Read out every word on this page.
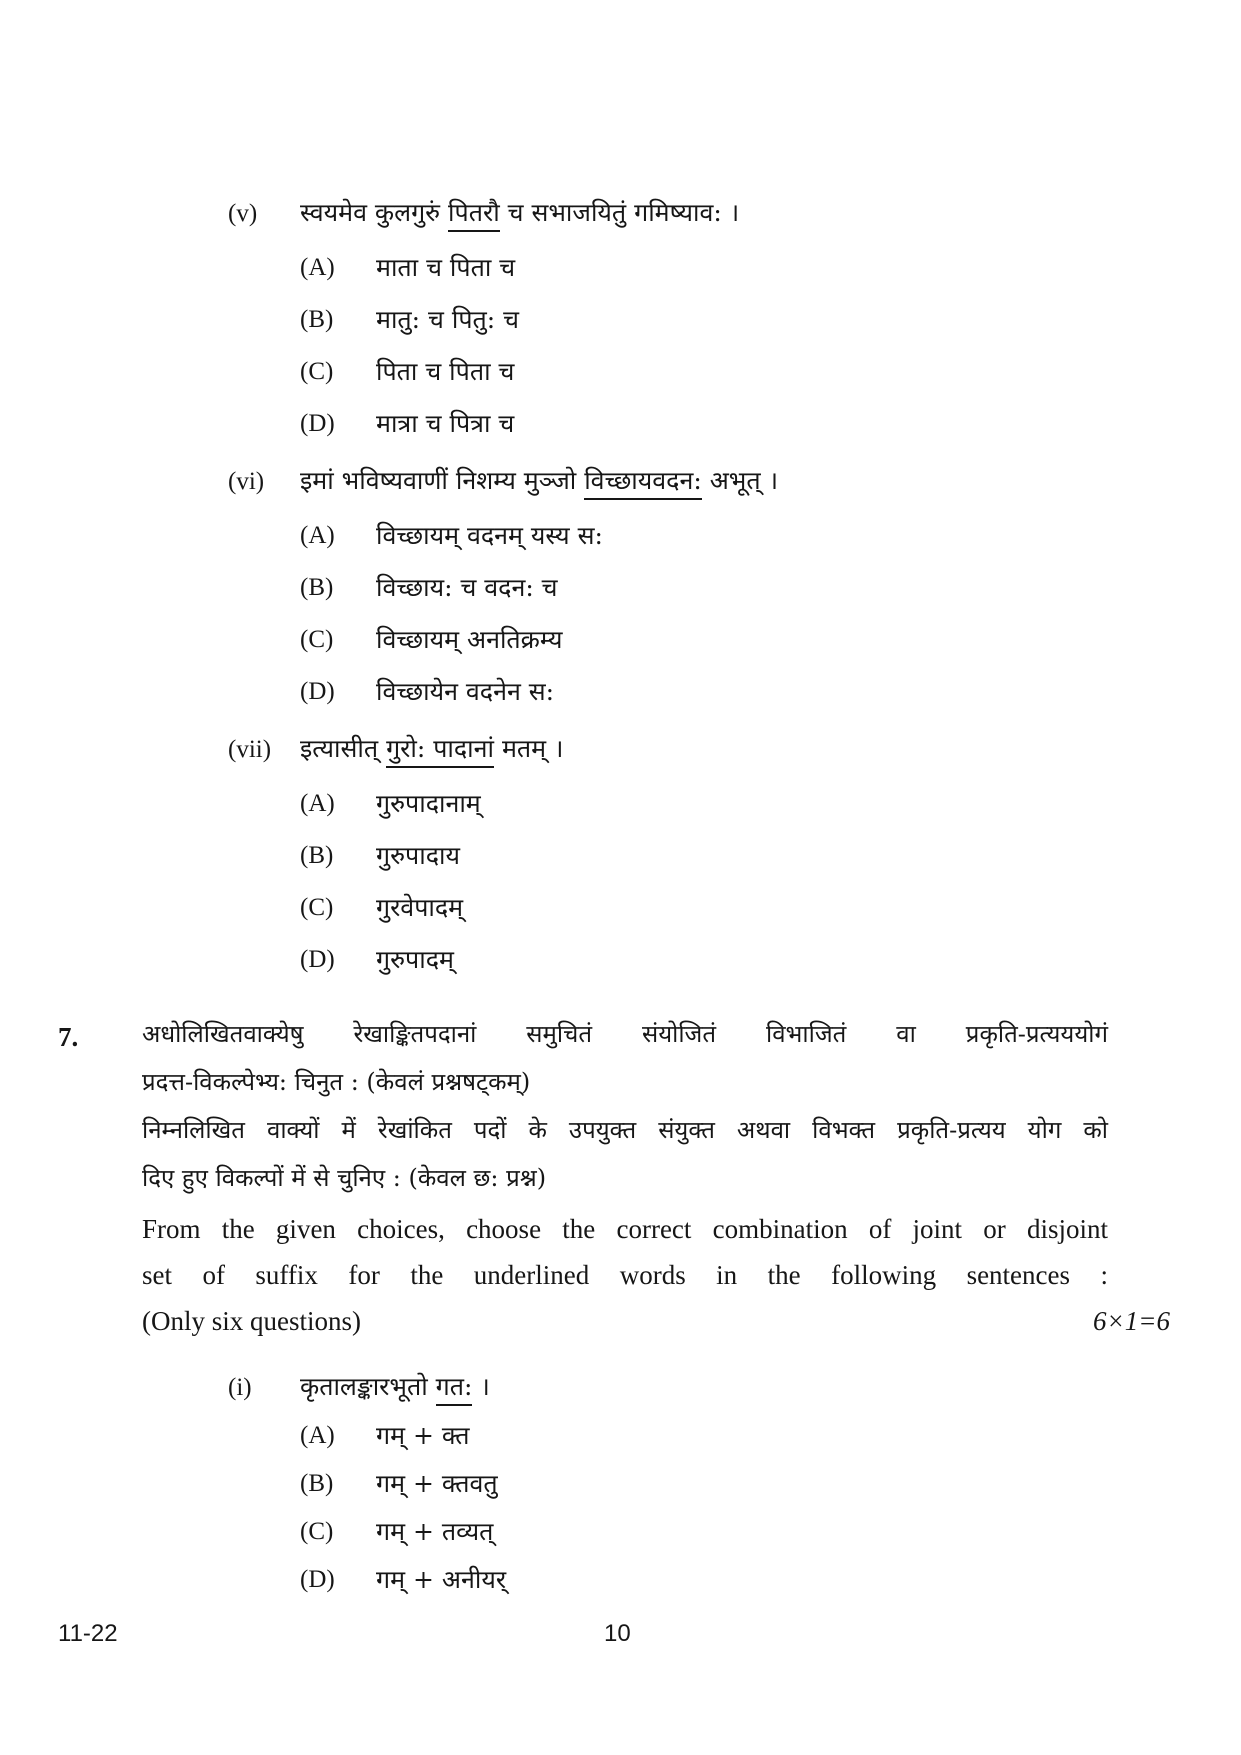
(v) स्वयमेव कुलगुरुं पितरौ च सभाजयितुं गमिष्याव: ।
(A) माता च पिता च
(B) मातु: च पितु: च
(C) पिता च पिता च
(D) मात्रा च पित्रा च
(vi) इमां भविष्यवाणीं निशम्य मुञ्जो विच्छायवदन: अभूत् ।
(A) विच्छायम् वदनम् यस्य स:
(B) विच्छाय: च वदन: च
(C) विच्छायम् अनतिक्रम्य
(D) विच्छायेन वदनेन स:
(vii) इत्यासीत् गुरो: पादानां मतम् ।
(A) गुरुपादानाम्
(B) गुरुपादाय
(C) गुरवेपादम्
(D) गुरुपादम्
7.	अधोलिखितवाक्येषु रेखाङ्कितपदानां समुचितं संयोजितं विभाजितं वा प्रकृति-प्रत्यययोगं
प्रदत्त-विकल्पेभ्य: चिनुत : (केवलं प्रश्नषट्कम्)
निम्नलिखित वाक्यों में रेखांकित पदों के उपयुक्त संयुक्त अथवा विभक्त प्रकृति-प्रत्यय योग को
दिए हुए विकल्पों में से चुनिए : (केवल छ: प्रश्न)
From the given choices, choose the correct combination of joint or disjoint
set of suffix for the underlined words in the following sentences :
(Only six questions)	6×1=6
(i) कृतालङ्कारभूतो गत: ।
(A) गम् + क्त
(B) गम् + क्तवतु
(C) गम् + तव्यत्
(D) गम् + अनीयर्
11-22	10
